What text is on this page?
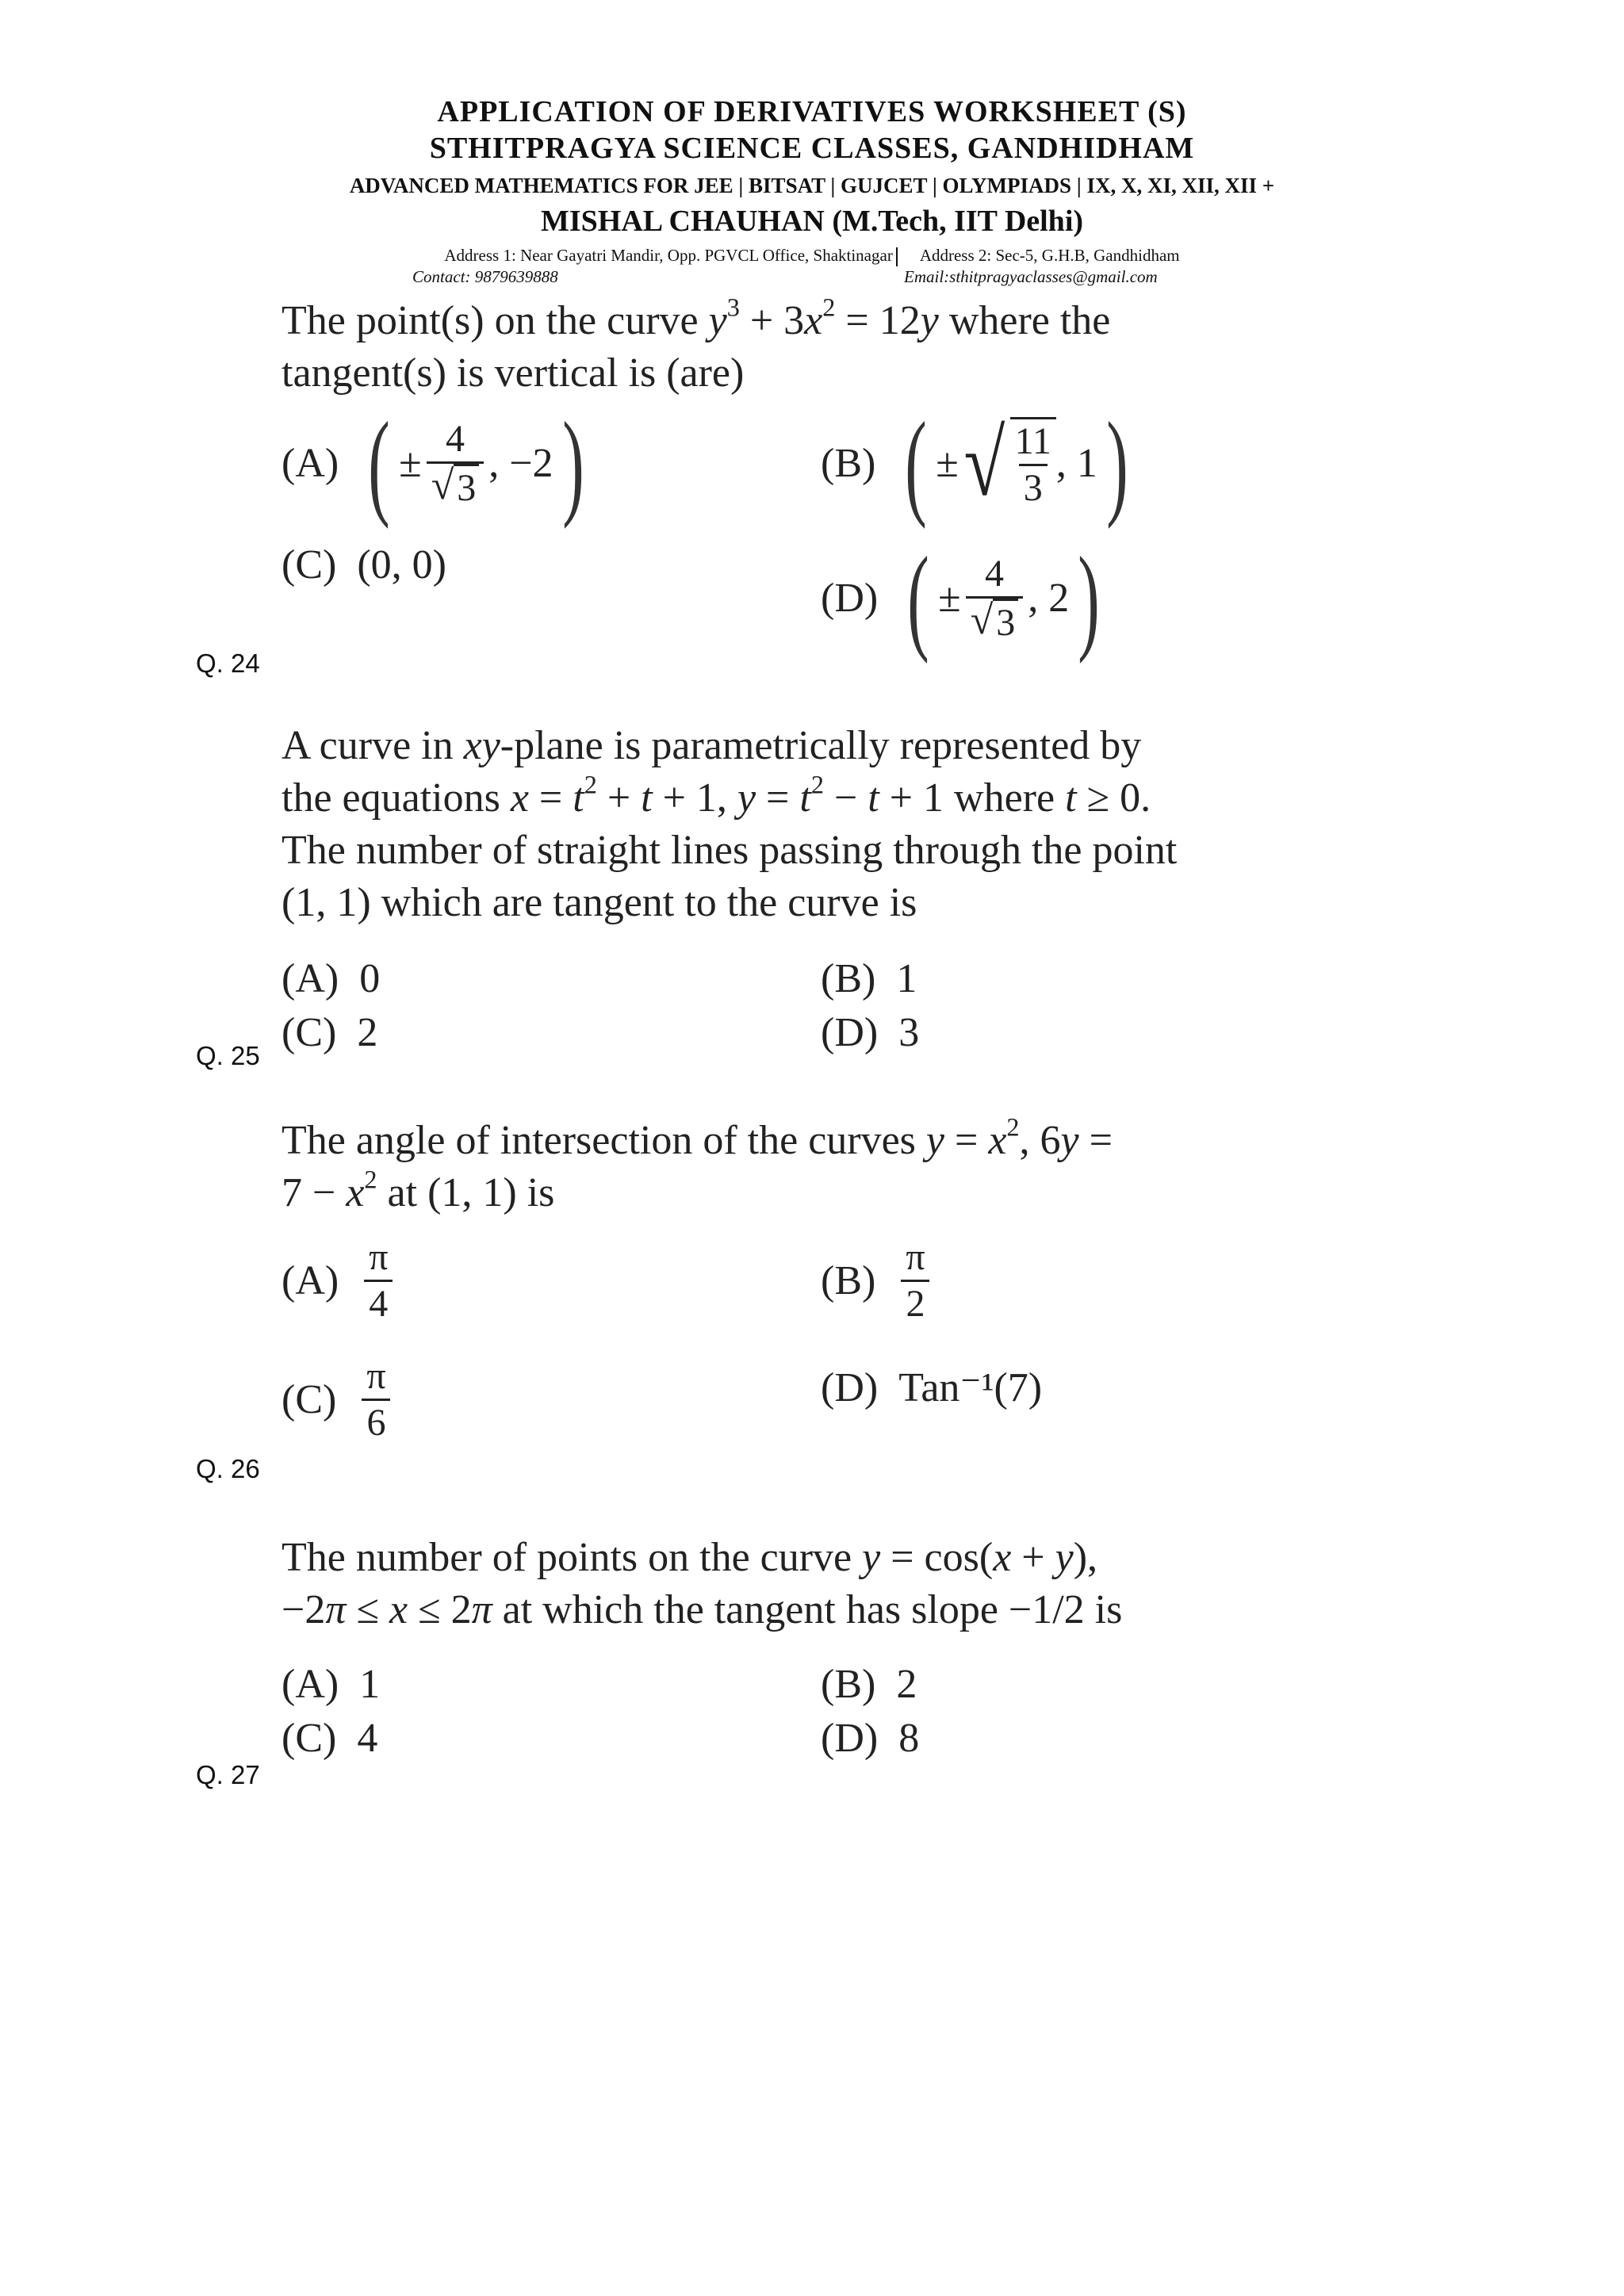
APPLICATION OF DERIVATIVES WORKSHEET (S)
STHITPRAGYA SCIENCE CLASSES, GANDHIDHAM
ADVANCED MATHEMATICS FOR JEE | BITSAT | GUJCET | OLYMPIADS | IX, X, XI, XII, XII +
MISHAL CHAUHAN (M.Tech, IIT Delhi)
Address 1: Near Gayatri Mandir, Opp. PGVCL Office, Shaktinagar Address 2: Sec-5, G.H.B, Gandhidham
Contact: 9879639888	Email:sthitpragyaclasses@gmail.com
The point(s) on the curve $y^3 + 3x^2 = 12y$ where the
tangent(s) is vertical is (are)
(A) ( ± $\frac{4}{√ 3}$ , −2 )	(B) ( ± √ $\frac{11}{3}$ , 1 )
(C) (0, 0)
(D) ( ± $\frac{4}{√ 3}$ , 2 )
Q. 24
A curve in xy-plane is parametrically represented by
the equations $x = t^2 + t + 1$, $y = t^2 - t + 1$ where t ≥ 0.
The number of straight lines passing through the point
(1, 1) which are tangent to the curve is
(A) 0	(B) 1
(C) 2	(D) 3
Q. 25
The angle of intersection of the curves $y = x^2$, 6y =
$7 - x^2$ at (1, 1) is
$(A) \frac{\pi}{4}$	$(B) \frac{\pi}{2}$
$(C) \frac{\pi}{6}$	(D) Tan⁻¹(7)
Q. 26
The number of points on the curve y = cos(x + y),
−2π ≤ x ≤ 2π at which the tangent has slope −1/2 is
(A) 1	(B) 2
(C) 4	(D) 8
Q. 27
